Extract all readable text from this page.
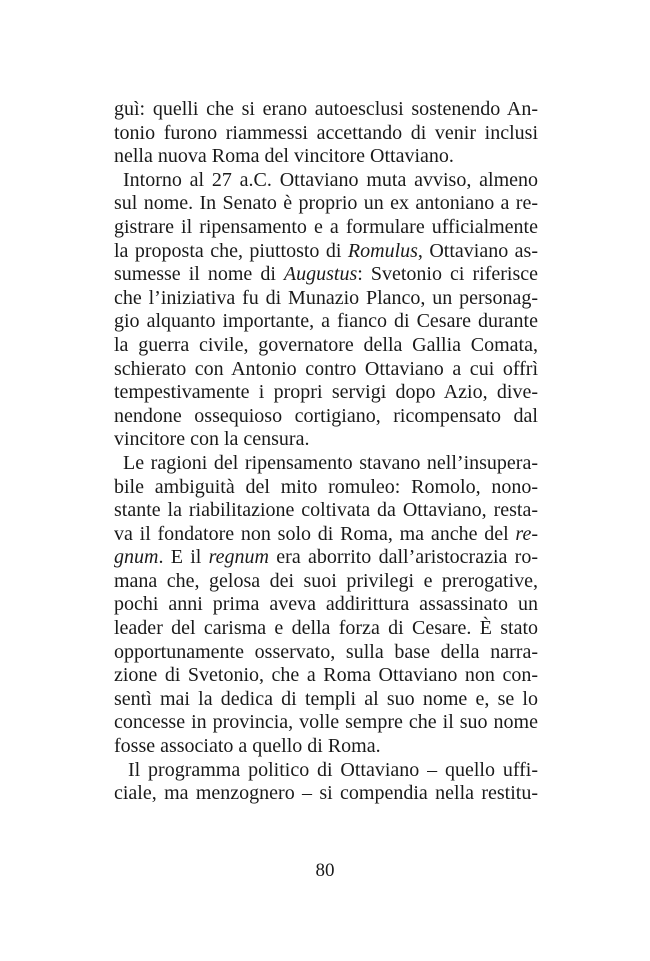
guì: quelli che si erano autoesclusi sostenendo An-
tonio furono riammessi accettando di venir inclusi
nella nuova Roma del vincitore Ottaviano.
Intorno al 27 a.C. Ottaviano muta avviso, almeno
sul nome. In Senato è proprio un ex antoniano a re-
gistrare il ripensamento e a formulare ufficialmente
la proposta che, piuttosto di Romulus, Ottaviano as-
sumesse il nome di Augustus: Svetonio ci riferisce
che l’iniziativa fu di Munazio Planco, un personag-
gio alquanto importante, a fianco di Cesare durante
la guerra civile, governatore della Gallia Comata,
schierato con Antonio contro Ottaviano a cui offrì
tempestivamente i propri servigi dopo Azio, dive-
nendone ossequioso cortigiano, ricompensato dal
vincitore con la censura.
Le ragioni del ripensamento stavano nell’insupera-
bile ambiguità del mito romuleo: Romolo, nono-
stante la riabilitazione coltivata da Ottaviano, resta-
va il fondatore non solo di Roma, ma anche del re-
gnum. E il regnum era aborrito dall’aristocrazia ro-
mana che, gelosa dei suoi privilegi e prerogative,
pochi anni prima aveva addirittura assassinato un
leader del carisma e della forza di Cesare. È stato
opportunamente osservato, sulla base della narra-
zione di Svetonio, che a Roma Ottaviano non con-
sentì mai la dedica di templi al suo nome e, se lo
concesse in provincia, volle sempre che il suo nome
fosse associato a quello di Roma.
Il programma politico di Ottaviano – quello uffi-
ciale, ma menzognero – si compendia nella restitu-
80
